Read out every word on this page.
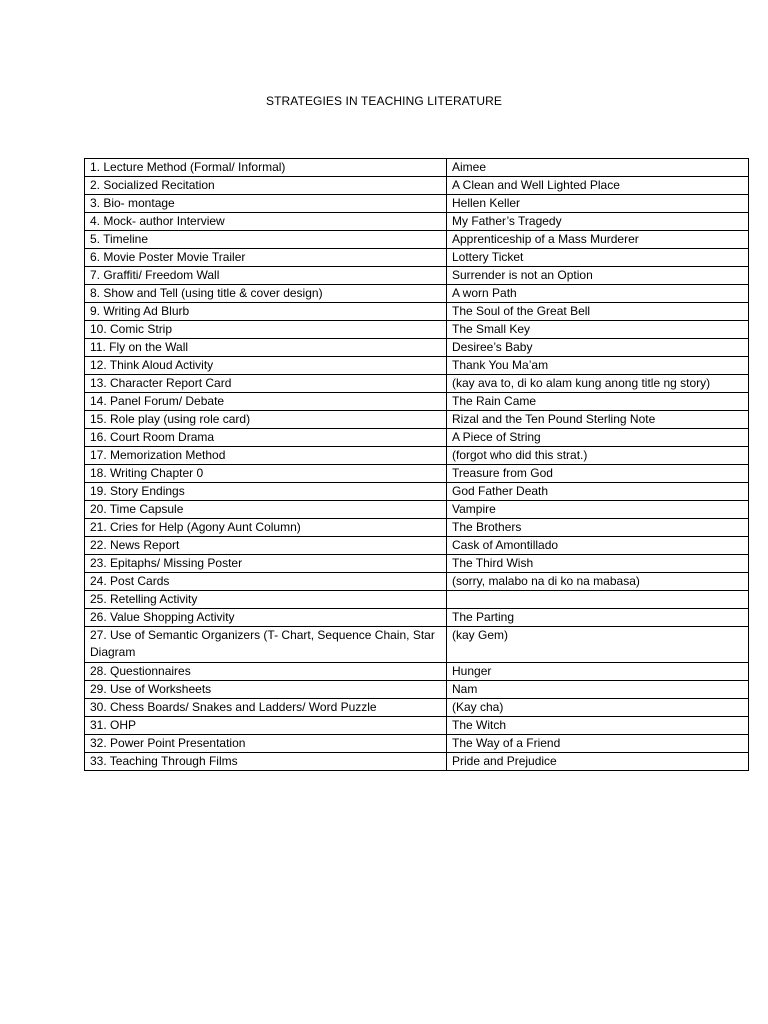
STRATEGIES IN TEACHING LITERATURE
1. Lecture Method (Formal/ Informal)	Aimee
2. Socialized Recitation	A Clean and Well Lighted Place
3. Bio- montage	Hellen Keller
4. Mock- author Interview	My Father’s Tragedy
5. Timeline	Apprenticeship of a Mass Murderer
6. Movie Poster Movie Trailer	Lottery Ticket
7. Graffiti/ Freedom Wall	Surrender is not an Option
8. Show and Tell (using title & cover design)	A worn Path
9. Writing Ad Blurb	The Soul of the Great Bell
10. Comic Strip	The Small Key
11. Fly on the Wall	Desiree’s Baby
12. Think Aloud Activity	Thank You Ma’am
13. Character Report Card	(kay ava to, di ko alam kung anong title ng story)
14. Panel Forum/ Debate	The Rain Came
15. Role play (using role card)	Rizal and the Ten Pound Sterling Note
16. Court Room Drama	A Piece of String
17. Memorization Method	(forgot who did this strat.)
18. Writing Chapter 0	Treasure from God
19. Story Endings	God Father Death
20. Time Capsule	Vampire
21. Cries for Help (Agony Aunt Column)	The Brothers
22. News Report	Cask of Amontillado
23. Epitaphs/ Missing Poster	The Third Wish
24. Post Cards	(sorry, malabo na di ko na mabasa)
25. Retelling Activity	
26. Value Shopping Activity	The Parting
27. Use of Semantic Organizers (T- Chart, Sequence Chain, Star Diagram	(kay Gem)
28. Questionnaires	Hunger
29. Use of Worksheets	Nam
30. Chess Boards/ Snakes and Ladders/ Word Puzzle	(Kay cha)
31. OHP	The Witch
32. Power Point Presentation	The Way of a Friend
33. Teaching Through Films	Pride and Prejudice
